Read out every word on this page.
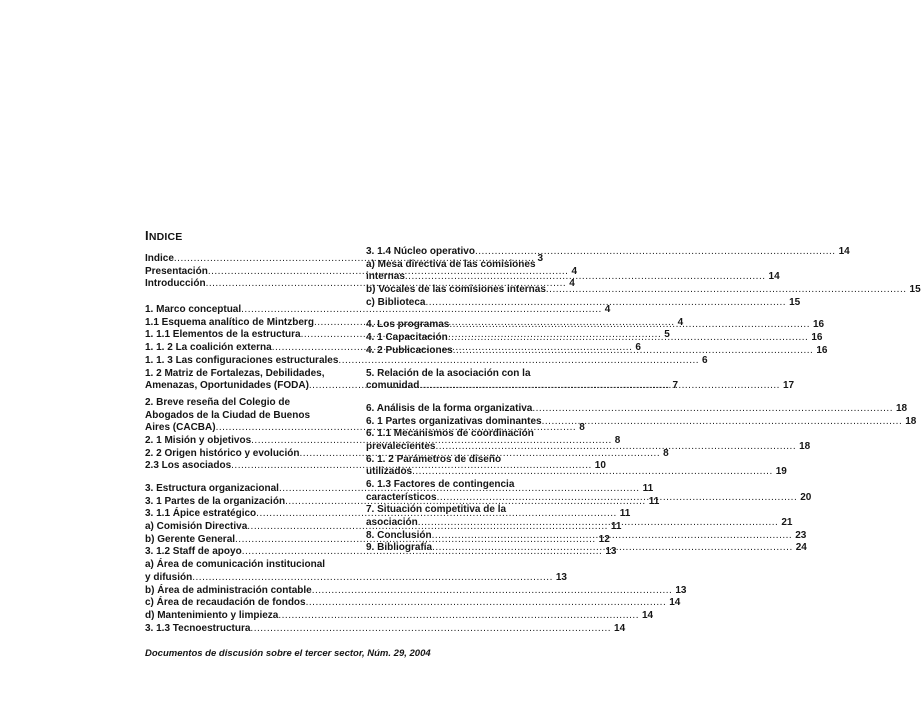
INDICE
Indice .....	3
Presentación .....	4
Introducción .....	4
1. Marco conceptual .....	4
1.1 Esquema analítico de Mintzberg .....	4
1. 1.1 Elementos de la estructura .....	5
1. 1. 2 La coalición externa .....	6
1. 1. 3 Las configuraciones estructurales .....	6
1. 2 Matriz de Fortalezas, Debilidades,
Amenazas, Oportunidades (FODA) .....	7
2. Breve reseña del Colegio de
Abogados de la Ciudad de Buenos
Aires (CACBA) .....	8
2. 1 Misión y objetivos .....	8
2. 2 Origen histórico y evolución .....	8
2.3 Los asociados .....	10
3. Estructura organizacional .....	11
3. 1 Partes de la organización .....	11
3. 1.1 Ápice estratégico .....	11
a) Comisión Directiva .....	11
b) Gerente General .....	12
3. 1.2 Staff de apoyo .....	13
a) Área de comunicación institucional
y difusión .....	13
b) Área de administración contable .....	13
c) Área de recaudación de fondos .....	14
d) Mantenimiento y limpieza .....	14
3. 1.3 Tecnoestructura .....	14
3. 1.4 Núcleo operativo .....	14
a) Mesa directiva de las comisiones
internas .....	14
b) Vocales de las comisiones internas .....	15
c) Biblioteca .....	15
4. Los programas .....	16
4. 1 Capacitación .....	16
4. 2 Publicaciones .....	16
5. Relación de la asociación con la
comunidad .....	17
6. Análisis de la forma organizativa .....	18
6. 1 Partes organizativas dominantes .....	18
6. 1.1 Mecanismos de coordinación
prevalecientes .....	18
6. 1. 2 Parámetros de diseño
utilizados .....	19
6. 1.3 Factores de contingencia
característicos .....	20
7. Situación competitiva de la
asociación .....	21
8. Conclusión .....	23
9. Bibliografía .....	24
Documentos de discusión sobre el tercer sector, Núm. 29, 2004
